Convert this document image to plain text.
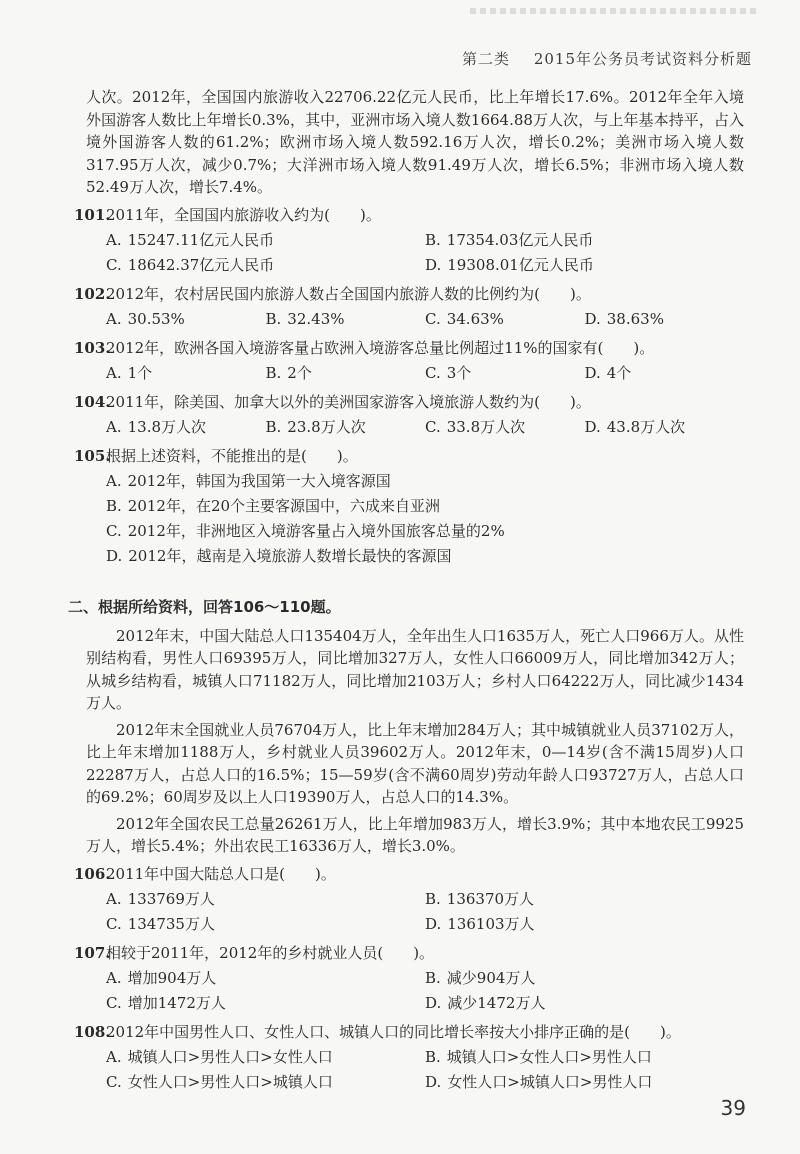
第二类 2015年公务员考试资料分析题

人次。2012年，全国国内旅游收入22706.22亿元人民币，比上年增长17.6%。2012年全年入境外国游客人数比上年增长0.3%，其中，亚洲市场入境人数1664.88万人次，与上年基本持平，占入境外国游客人数的61.2%；欧洲市场入境人数592.16万人次，增长0.2%；美洲市场入境人数317.95万人次，减少0.7%；大洋洲市场入境人数91.49万人次，增长6.5%；非洲市场入境人数52.49万人次，增长7.4%。

101.
2011年，全国国内旅游收入约为(　　)。
A. 15247.11亿元人民币	B. 17354.03亿元人民币
C. 18642.37亿元人民币	D. 19308.01亿元人民币
102.
2012年，农村居民国内旅游人数占全国国内旅游人数的比例约为(　　)。
A. 30.53%	B. 32.43%	C. 34.63%	D. 38.63%
103.
2012年，欧洲各国入境游客量占欧洲入境游客总量比例超过11%的国家有(　　)。
A. 1个	B. 2个	C. 3个	D. 4个
104.
2011年，除美国、加拿大以外的美洲国家游客入境旅游人数约为(　　)。
A. 13.8万人次	B. 23.8万人次	C. 33.8万人次	D. 43.8万人次
105.
根据上述资料，不能推出的是(　　)。
A. 2012年，韩国为我国第一大入境客源国
B. 2012年，在20个主要客源国中，六成来自亚洲
C. 2012年，非洲地区入境游客量占入境外国旅客总量的2%
D. 2012年，越南是入境旅游人数增长最快的客源国
二、根据所给资料，回答106～110题。

2012年末，中国大陆总人口135404万人，全年出生人口1635万人，死亡人口966万人。从性别结构看，男性人口69395万人，同比增加327万人，女性人口66009万人，同比增加342万人；从城乡结构看，城镇人口71182万人，同比增加2103万人；乡村人口64222万人，同比减少1434万人。

2012年末全国就业人员76704万人，比上年末增加284万人；其中城镇就业人员37102万人，比上年末增加1188万人，乡村就业人员39602万人。2012年末，0—14岁(含不满15周岁)人口22287万人，占总人口的16.5%；15—59岁(含不满60周岁)劳动年龄人口93727万人，占总人口的69.2%；60周岁及以上人口19390万人，占总人口的14.3%。

2012年全国农民工总量26261万人，比上年增加983万人，增长3.9%；其中本地农民工9925万人，增长5.4%；外出农民工16336万人，增长3.0%。

106.
2011年中国大陆总人口是(　　)。
A. 133769万人	B. 136370万人
C. 134735万人	D. 136103万人
107.
相较于2011年，2012年的乡村就业人员(　　)。
A. 增加904万人	B. 减少904万人
C. 增加1472万人	D. 减少1472万人
108.
2012年中国男性人口、女性人口、城镇人口的同比增长率按大小排序正确的是(　　)。
A. 城镇人口>男性人口>女性人口	B. 城镇人口>女性人口>男性人口
C. 女性人口>男性人口>城镇人口	D. 女性人口>城镇人口>男性人口
39
